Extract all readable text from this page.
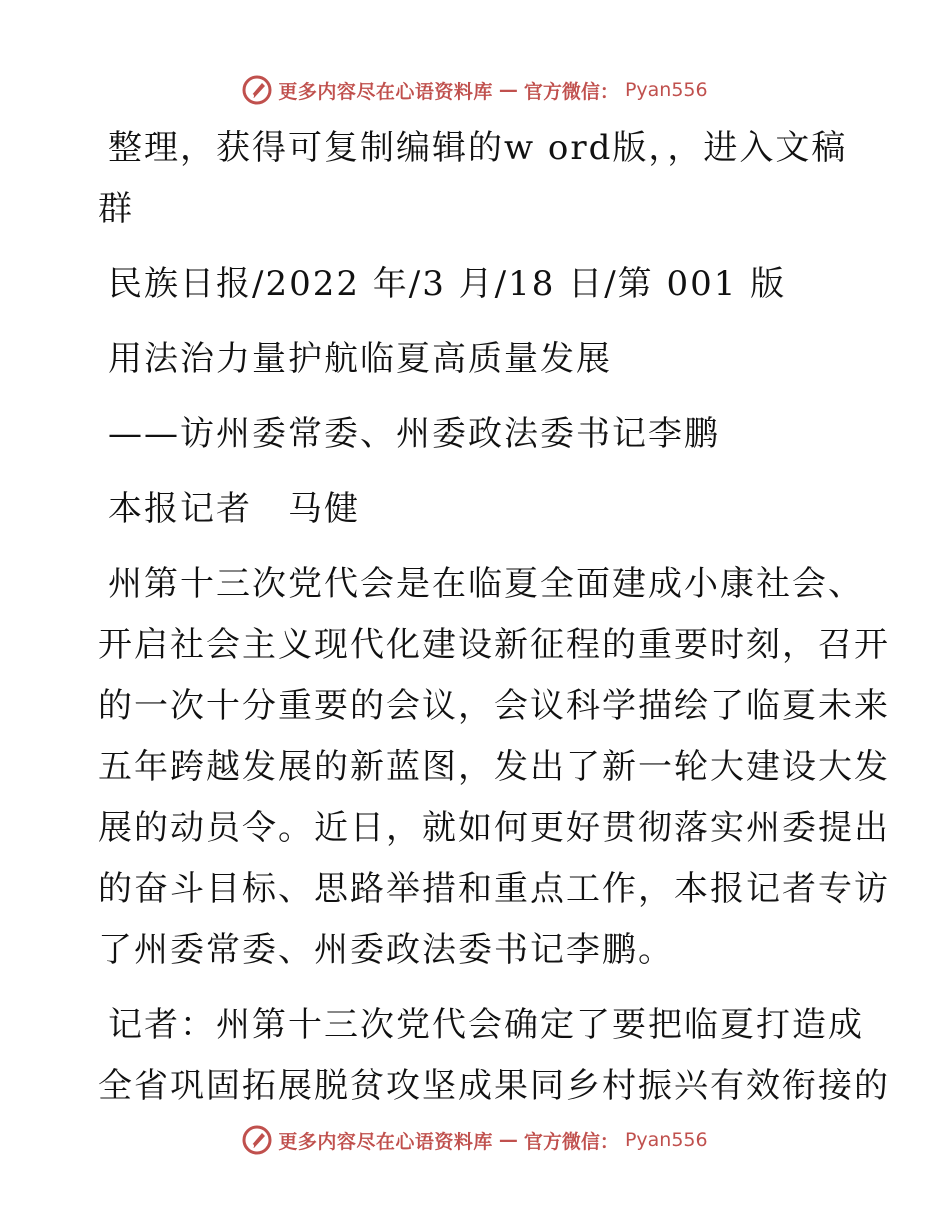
更多内容尽在心语资料库 — 官方微信： Pyan556

整理，获得可复制编辑的w ord版，，进入文稿

群

民族日报/2022 年/3 月/18 日/第 001 版

用法治力量护航临夏高质量发展

——访州委常委、州委政法委书记李鹏

本报记者　马健

州第十三次党代会是在临夏全面建成小康社会、

开启社会主义现代化建设新征程的重要时刻，召开

的一次十分重要的会议，会议科学描绘了临夏未来

五年跨越发展的新蓝图，发出了新一轮大建设大发

展的动员令。近日，就如何更好贯彻落实州委提出

的奋斗目标、思路举措和重点工作，本报记者专访

了州委常委、州委政法委书记李鹏。

记者：州第十三次党代会确定了要把临夏打造成

全省巩固拓展脱贫攻坚成果同乡村振兴有效衔接的

更多内容尽在心语资料库 — 官方微信： Pyan556
